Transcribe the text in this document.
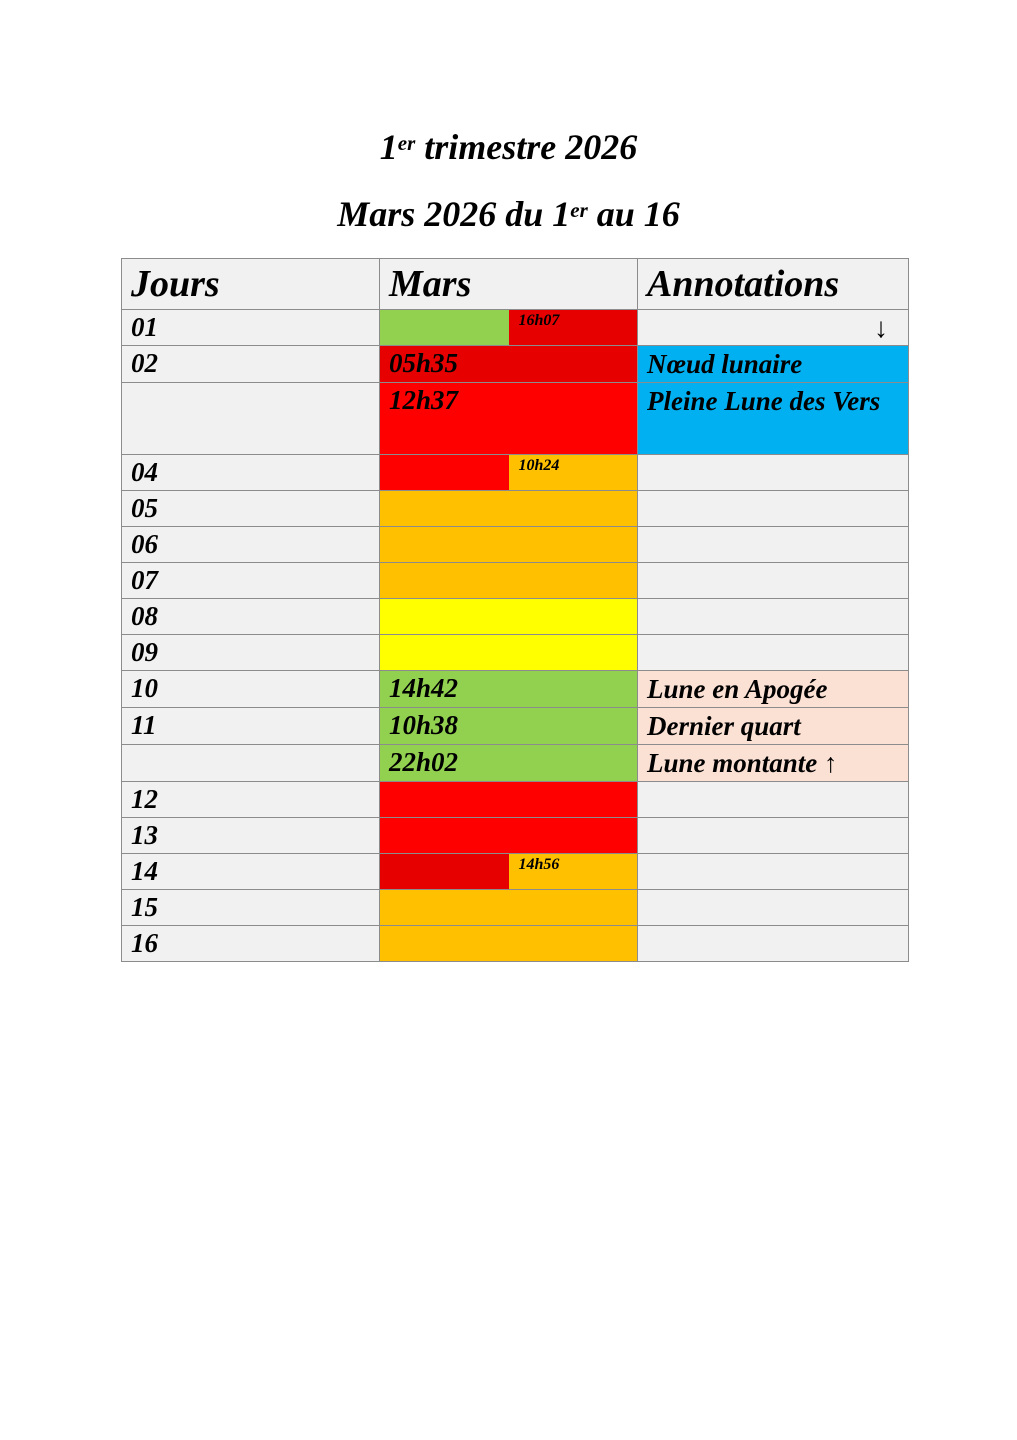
1er trimestre 2026
Mars 2026 du 1er au 16
Jours	Mars	Annotations

01	16h07	↓

02	05h35	Nœud lunaire

	12h37	Pleine Lune des Vers

04	10h24	

05		

06		

07		

08		

09		

10	14h42	Lune en Apogée

11	10h38	Dernier quart

	22h02	Lune montante ↑

12		

13		

14	14h56	

15		

16		
